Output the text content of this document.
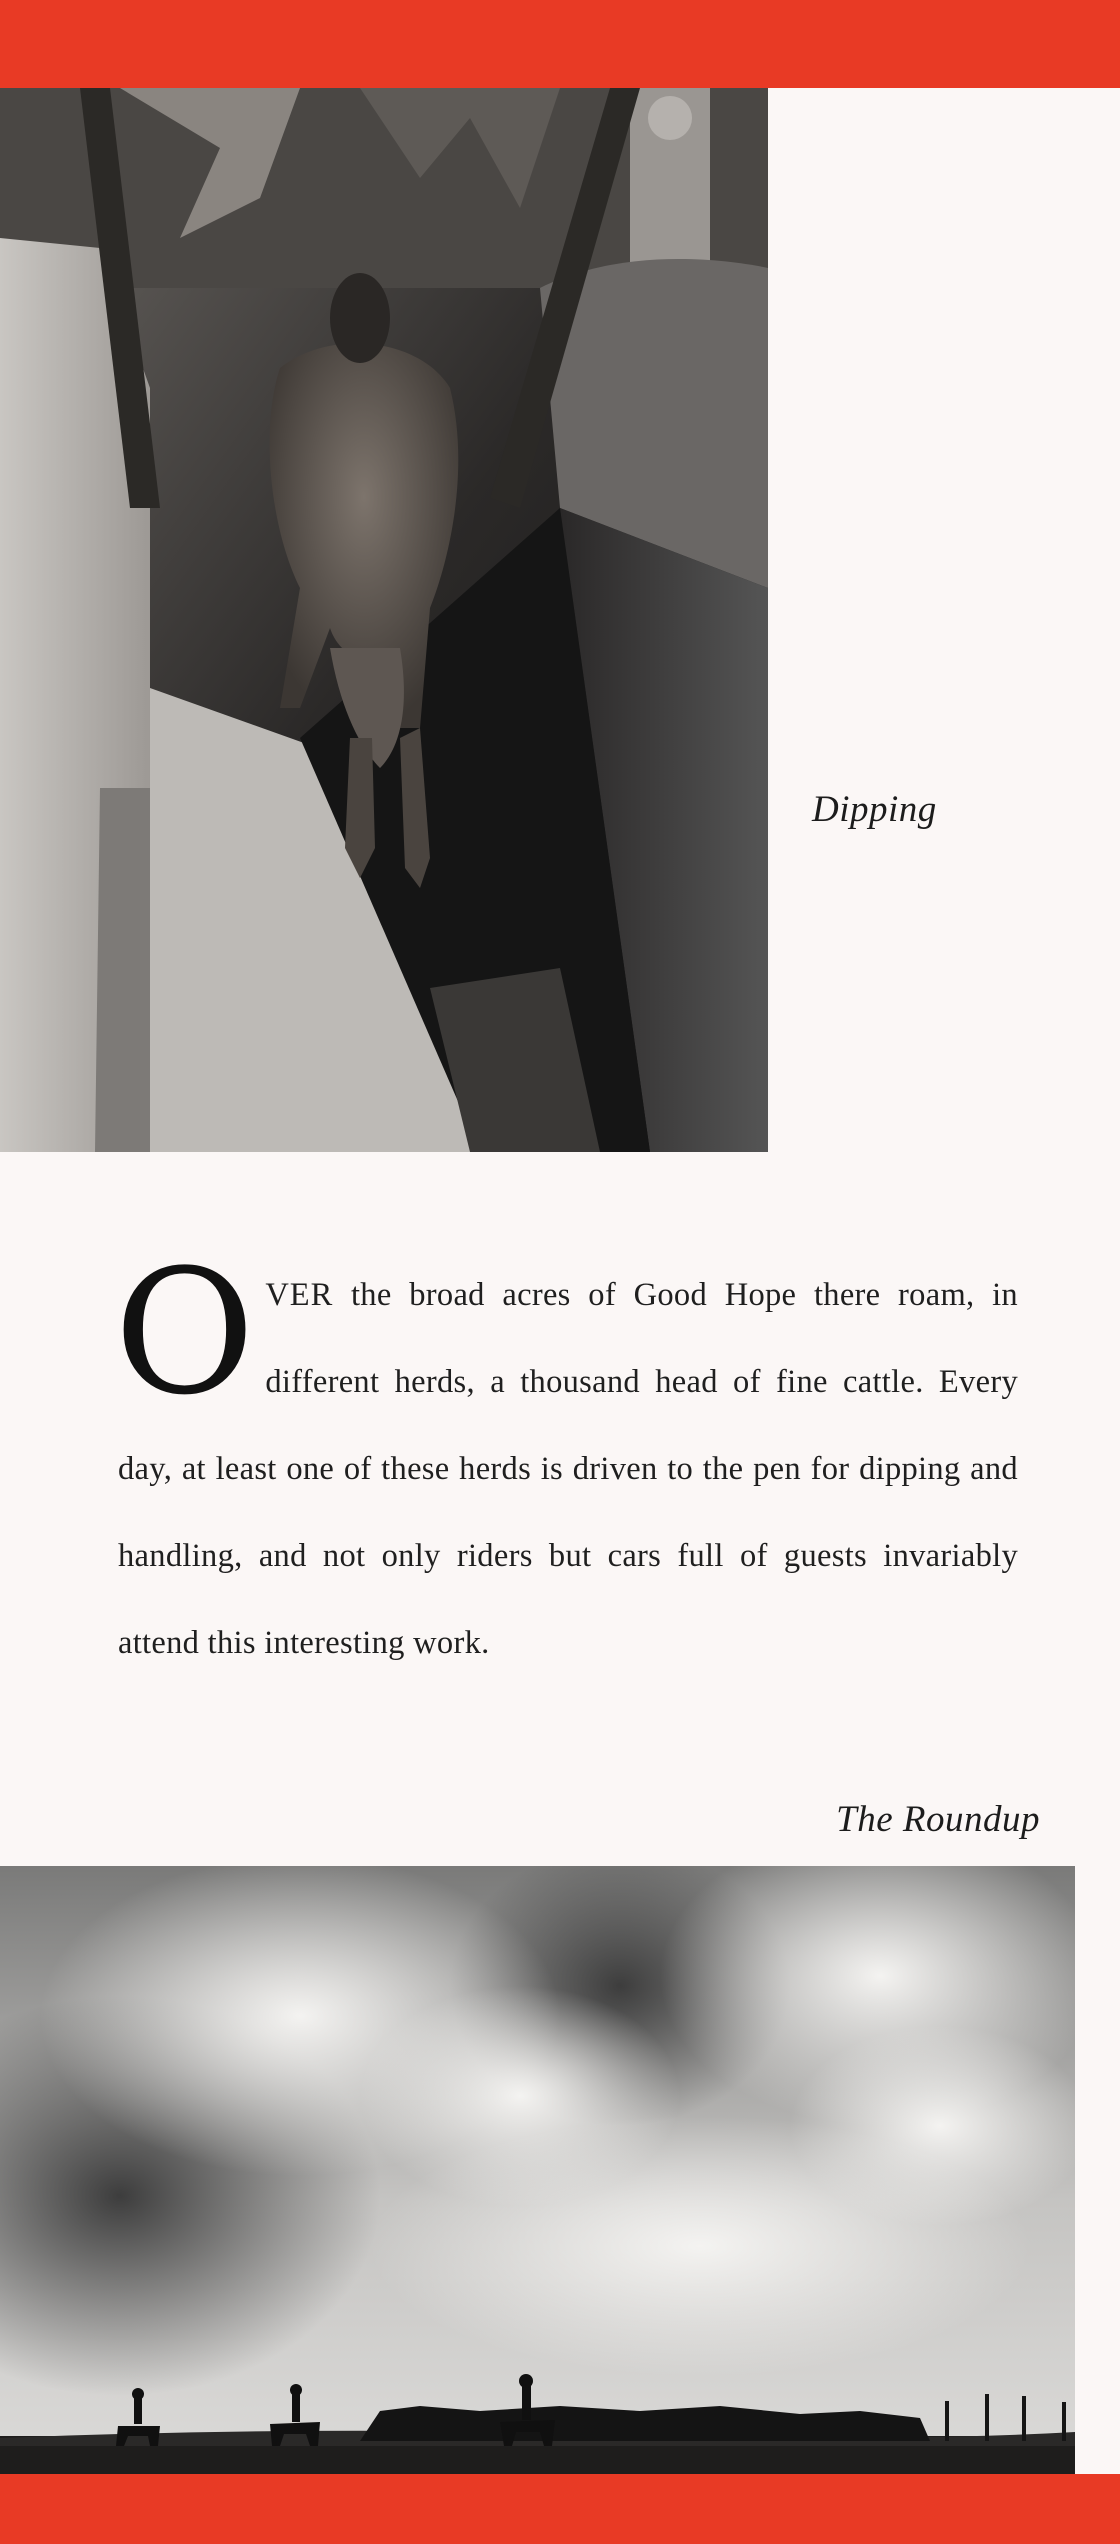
Dipping
OVER the broad acres of Good Hope there roam, in different herds, a thousand head of fine cattle. Every day, at least one of these herds is driven to the pen for dipping and handling, and not only riders but cars full of guests invariably attend this interesting work.
The Roundup
